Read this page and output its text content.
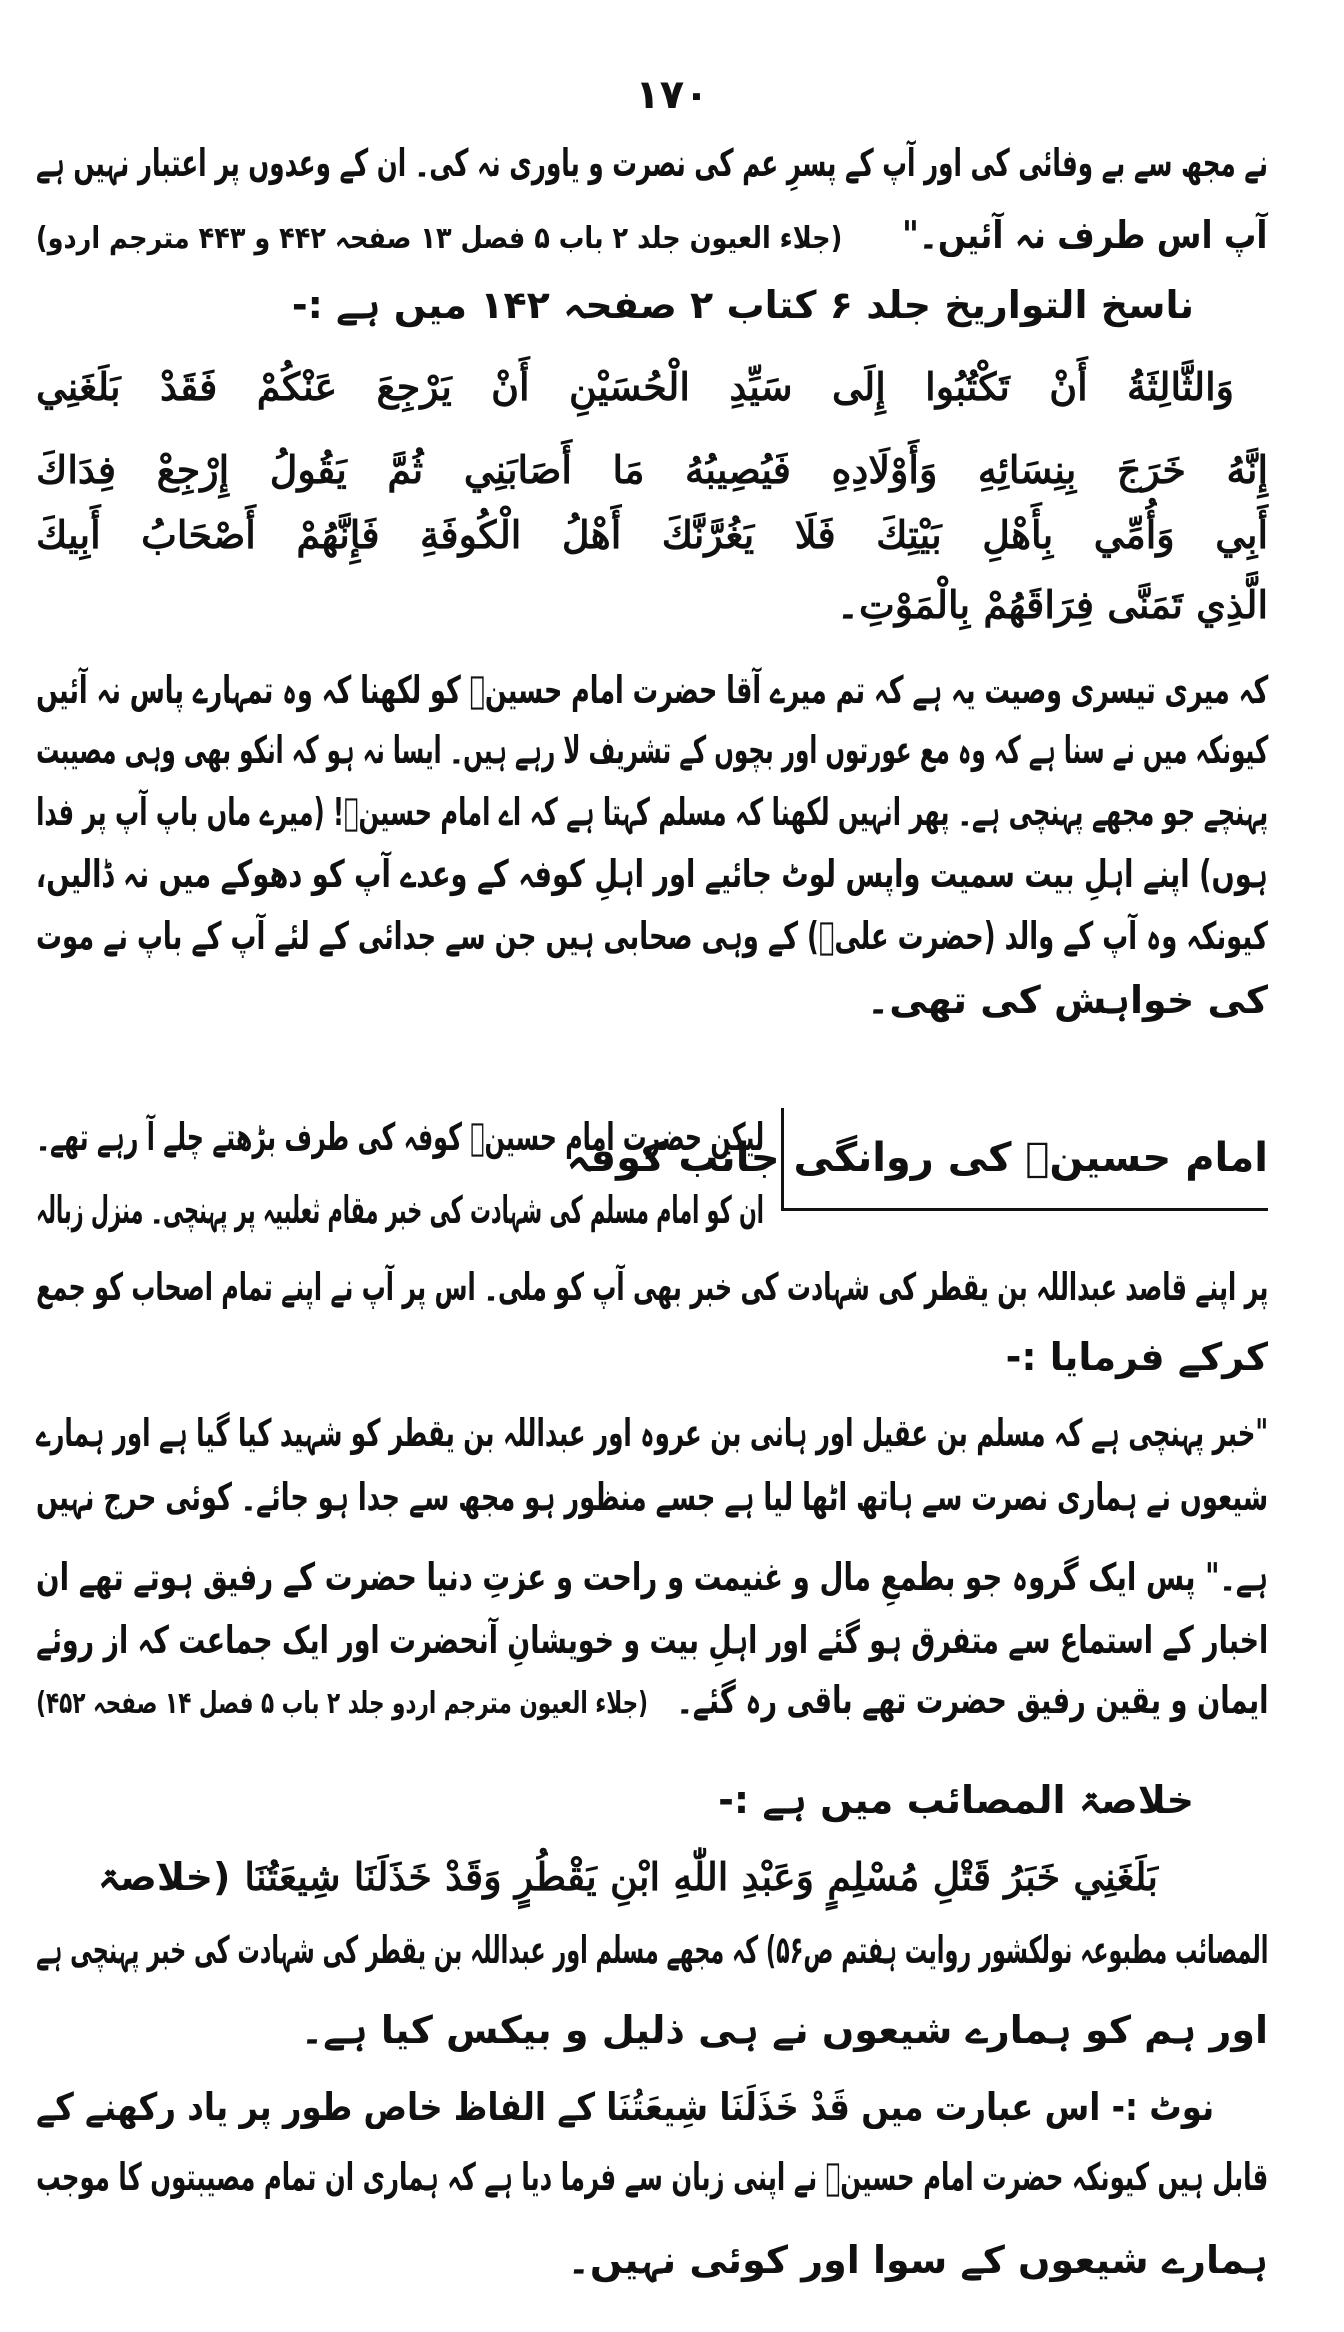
۱۷۰
نے مجھ سے بے وفائی کی اور آپ کے پسرِ عم کی نصرت و یاوری نہ کی۔ ان کے وعدوں پر اعتبار نہیں ہے
آپ اس طرف نہ آئیں۔"(جلاء العیون جلد ۲ باب ۵ فصل ۱۳ صفحہ ۴۴۲ و ۴۴۳ مترجم اردو)
ناسخ التواریخ جلد ۶ کتاب ۲ صفحہ ۱۴۲ میں ہے :-
وَالثَّالِثَةُ أَنْ تَكْتُبُوا إِلَى سَيِّدِ الْحُسَيْنِ أَنْ يَرْجِعَ عَنْكُمْ فَقَدْ بَلَغَنِي
إِنَّهُ خَرَجَ بِنِسَائِهِ وَأَوْلَادِهِ فَيُصِيبُهُ مَا أَصَابَنِي ثُمَّ يَقُولُ إِرْجِعْ فِدَاكَ
أَبِي وَأُمِّي بِأَهْلِ بَيْتِكَ فَلَا يَغُرَّنَّكَ أَهْلُ الْكُوفَةِ فَإِنَّهُمْ أَصْحَابُ أَبِيكَ
الَّذِي تَمَنَّى فِرَاقَهُمْ بِالْمَوْتِ۔
کہ میری تیسری وصیت یہ ہے کہ تم میرے آقا حضرت امام حسینؓ کو لکھنا کہ وہ تمہارے پاس نہ آئیں
کیونکہ میں نے سنا ہے کہ وہ مع عورتوں اور بچوں کے تشریف لا رہے ہیں۔ ایسا نہ ہو کہ انکو بھی وہی مصیبت
پہنچے جو مجھے پہنچی ہے۔ پھر انہیں لکھنا کہ مسلم کہتا ہے کہ اے امام حسینؓ! (میرے ماں باپ آپ پر فدا
ہوں) اپنے اہلِ بیت سمیت واپس لوٹ جائیے اور اہلِ کوفہ کے وعدے آپ کو دھوکے میں نہ ڈالیں،
کیونکہ وہ آپ کے والد (حضرت علیؓ) کے وہی صحابی ہیں جن سے جدائی کے لئے آپ کے باپ نے موت
کی خواہش کی تھی۔
امام حسینؓ کی روانگی جانب کوفہ
لیکن حضرت امام حسینؓ کوفہ کی طرف بڑھتے چلے آ رہے تھے۔
ان کو امام مسلم کی شہادت کی خبر مقام ثعلبیہ پر پہنچی۔ منزل زبالہ
پر اپنے قاصد عبداللہ بن یقطر کی شہادت کی خبر بھی آپ کو ملی۔ اس پر آپ نے اپنے تمام اصحاب کو جمع
کرکے فرمایا :-
"خبر پہنچی ہے کہ مسلم بن عقیل اور ہانی بن عروہ اور عبداللہ بن یقطر کو شہید کیا گیا ہے اور ہمارے
شیعوں نے ہماری نصرت سے ہاتھ اٹھا لیا ہے جسے منظور ہو مجھ سے جدا ہو جائے۔ کوئی حرج نہیں
ہے۔" پس ایک گروہ جو بطمعِ مال و غنیمت و راحت و عزتِ دنیا حضرت کے رفیق ہوتے تھے ان
اخبار کے استماع سے متفرق ہو گئے اور اہلِ بیت و خویشانِ آنحضرت اور ایک جماعت کہ از روئے
ایمان و یقین رفیق حضرت تھے باقی رہ گئے۔(جلاء العیون مترجم اردو جلد ۲ باب ۵ فصل ۱۴ صفحہ ۴۵۲)
خلاصۃ المصائب میں ہے :-
بَلَغَنِي خَبَرُ قَتْلِ مُسْلِمٍ وَعَبْدِ اللّٰهِ ابْنِ يَقْطُرٍ وَقَدْ خَذَلَنَا شِيعَتُنَا(خلاصۃ
المصائب مطبوعہ نولکشور روایت ہفتم ص۵۶) کہ مجھے مسلم اور عبداللہ بن یقطر کی شہادت کی خبر پہنچی ہے
اور ہم کو ہمارے شیعوں نے ہی ذلیل و بیکس کیا ہے۔
نوٹ :- اس عبارت میں قَدْ خَذَلَنَا شِيعَتُنَا کے الفاظ خاص طور پر یاد رکھنے کے
قابل ہیں کیونکہ حضرت امام حسینؓ نے اپنی زبان سے فرما دیا ہے کہ ہماری ان تمام مصیبتوں کا موجب
ہمارے شیعوں کے سوا اور کوئی نہیں۔
